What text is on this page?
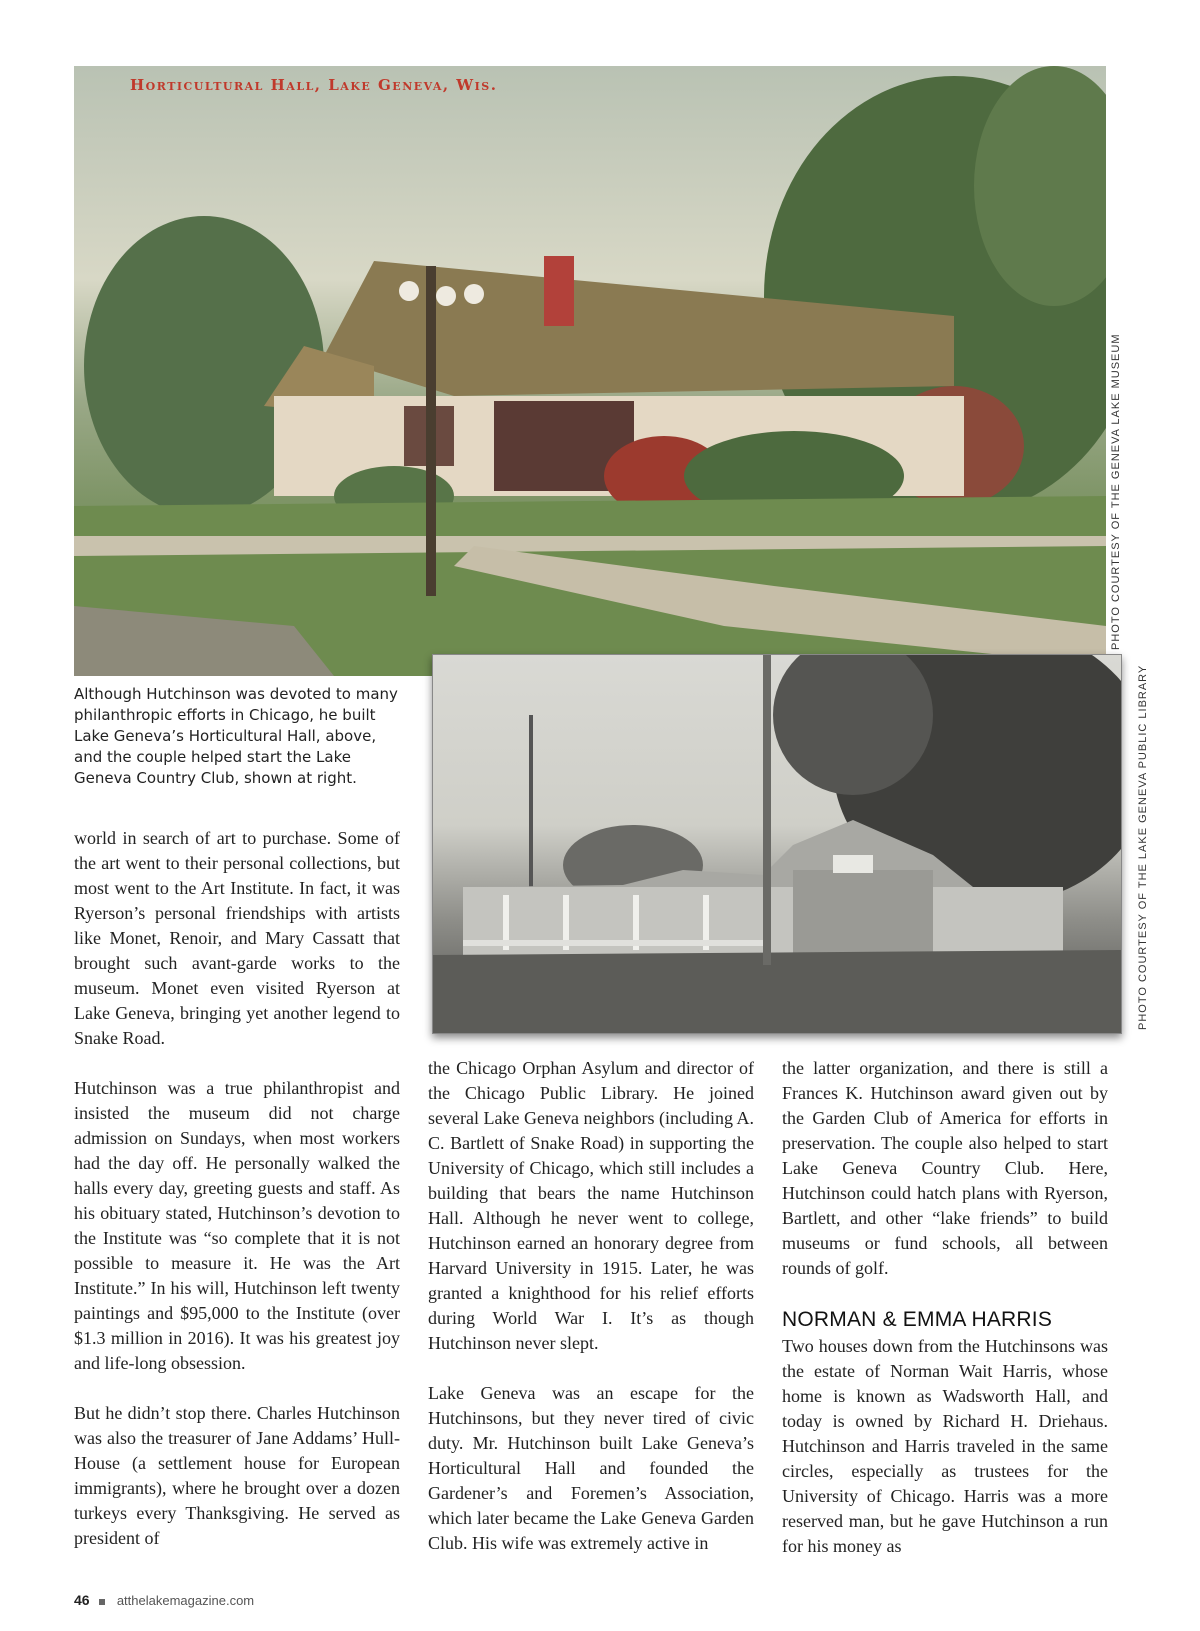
Horticultural Hall, Lake Geneva, Wis.
PHOTO COURTESY OF THE GENEVA LAKE MUSEUM
PHOTO COURTESY OF THE LAKE GENEVA PUBLIC LIBRARY
Although Hutchinson was devoted to many philanthropic efforts in Chicago, he built Lake Geneva’s Horticultural Hall, above, and the couple helped start the Lake Geneva Country Club, shown at right.

world in search of art to purchase. Some of the art went to their personal collections, but most went to the Art Institute. In fact, it was Ryerson’s personal friendships with artists like Monet, Renoir, and Mary Cassatt that brought such avant-garde works to the museum. Monet even visited Ryerson at Lake Geneva, bringing yet another legend to Snake Road.

Hutchinson was a true philanthropist and insisted the museum did not charge admission on Sundays, when most workers had the day off. He personally walked the halls every day, greeting guests and staff. As his obituary stated, Hutchinson’s devotion to the Institute was “so complete that it is not possible to measure it. He was the Art Institute.” In his will, Hutchinson left twenty paintings and $95,000 to the Institute (over $1.3 million in 2016). It was his greatest joy and life-long obsession.

But he didn’t stop there. Charles Hutchinson was also the treasurer of Jane Addams’ Hull-House (a settlement house for European immigrants), where he brought over a dozen turkeys every Thanksgiving. He served as president of

the Chicago Orphan Asylum and director of the Chicago Public Library. He joined several Lake Geneva neighbors (including A. C. Bartlett of Snake Road) in supporting the University of Chicago, which still includes a building that bears the name Hutchinson Hall. Although he never went to college, Hutchinson earned an honorary degree from Harvard University in 1915. Later, he was granted a knighthood for his relief efforts during World War I. It’s as though Hutchinson never slept.

Lake Geneva was an escape for the Hutchinsons, but they never tired of civic duty. Mr. Hutchinson built Lake Geneva’s Horticultural Hall and founded the Gardener’s and Foremen’s Association, which later became the Lake Geneva Garden Club. His wife was extremely active in

the latter organization, and there is still a Frances K. Hutchinson award given out by the Garden Club of America for efforts in preservation. The couple also helped to start Lake Geneva Country Club. Here, Hutchinson could hatch plans with Ryerson, Bartlett, and other “lake friends” to build museums or fund schools, all between rounds of golf.

NORMAN & EMMA HARRIS

Two houses down from the Hutchinsons was the estate of Norman Wait Harris, whose home is known as Wadsworth Hall, and today is owned by Richard H. Driehaus. Hutchinson and Harris traveled in the same circles, especially as trustees for the University of Chicago. Harris was a more reserved man, but he gave Hutchinson a run for his money as

46 atthelakemagazine.com
